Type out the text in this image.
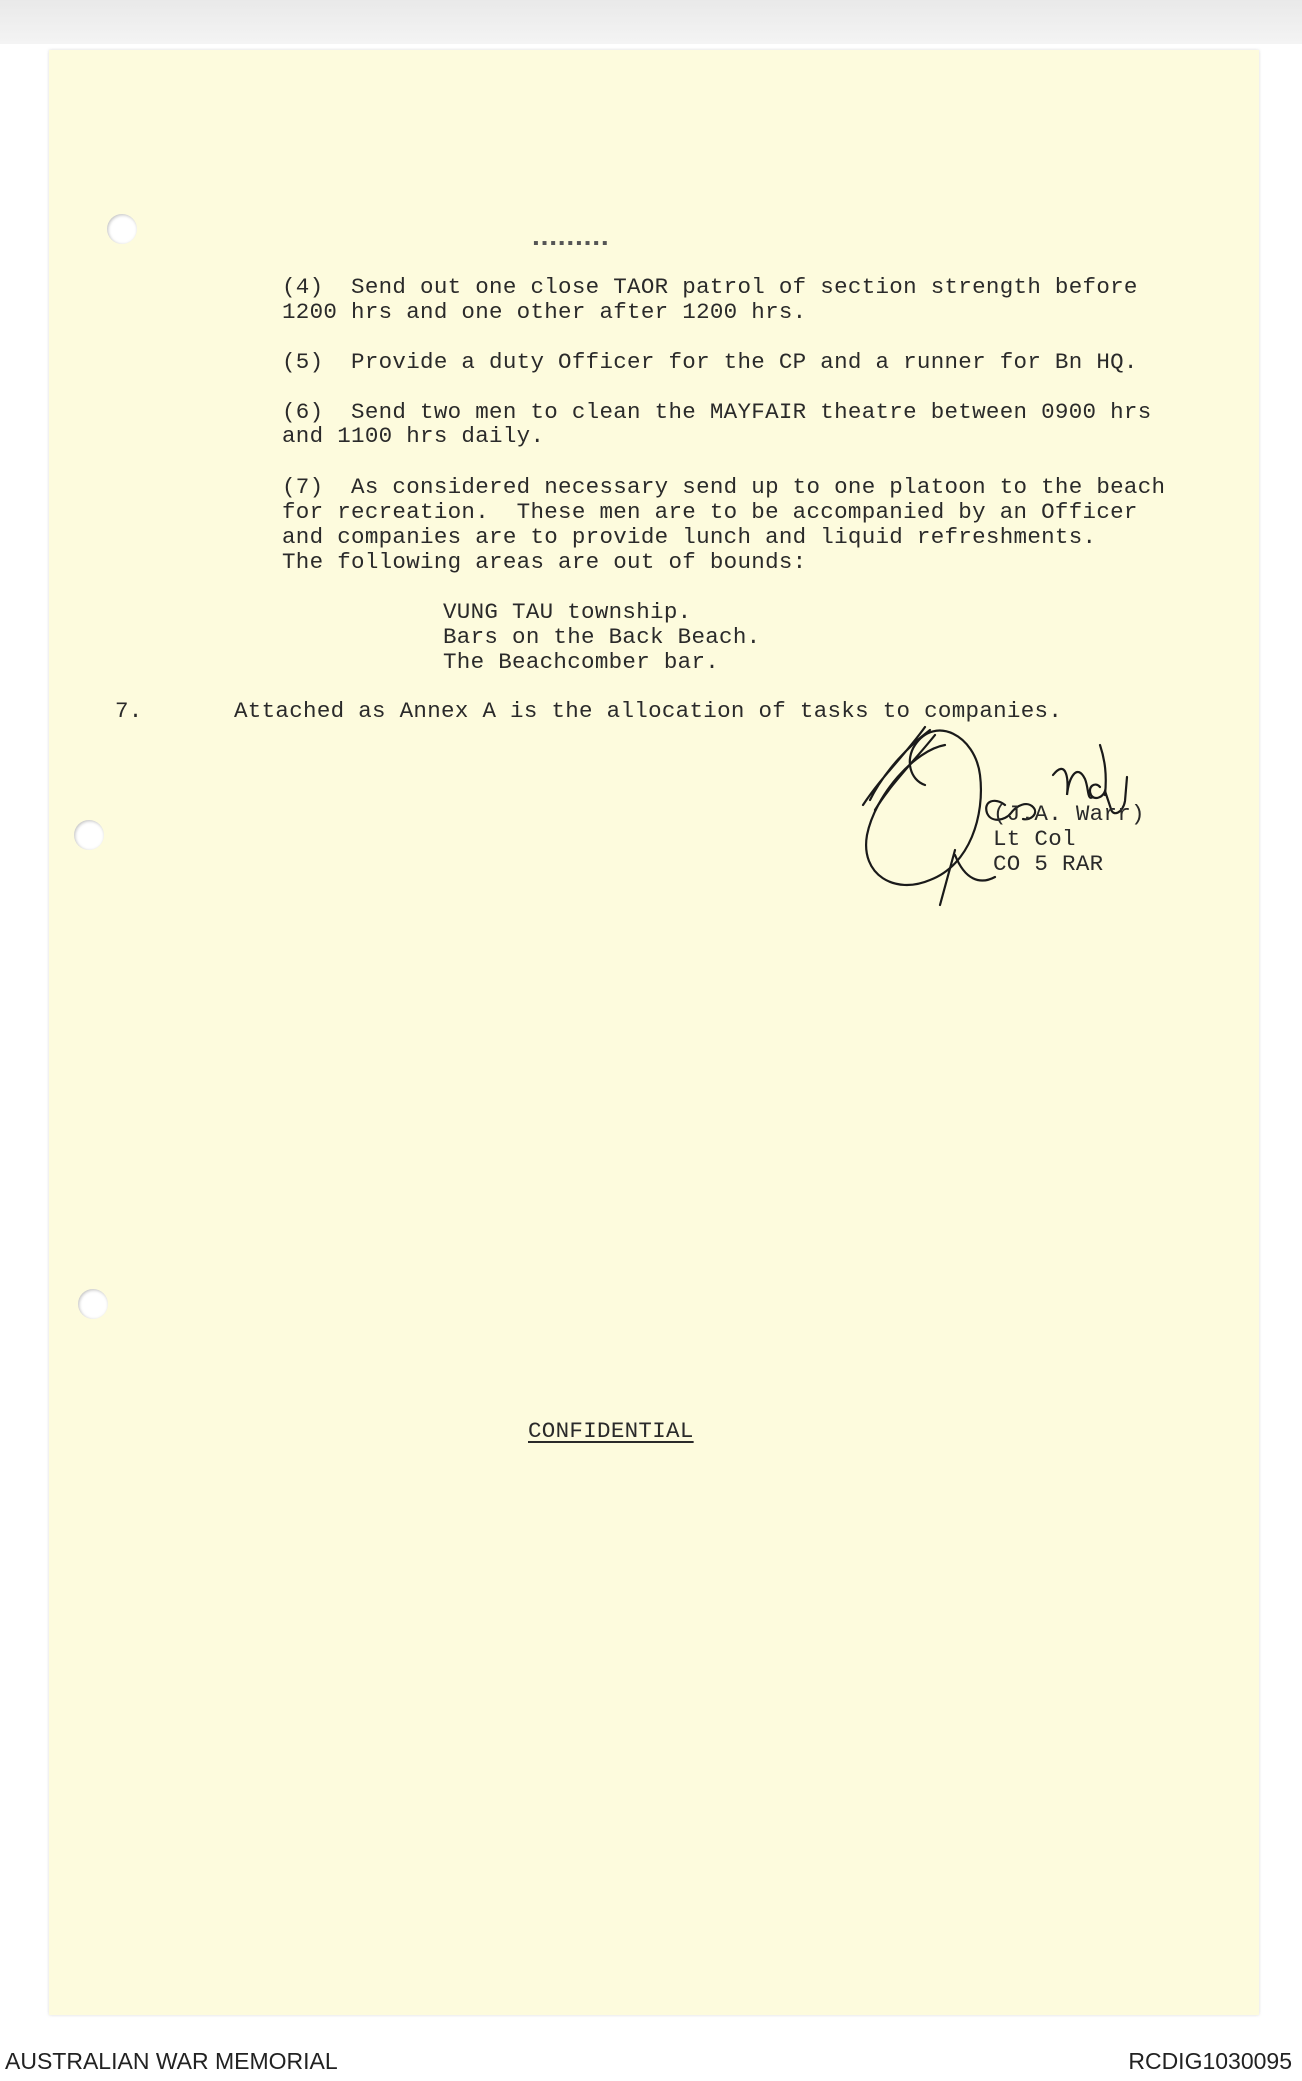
▪▪▪▪▪▪▪▪▪
(4)  Send out one close TAOR patrol of section strength before
1200 hrs and one other after 1200 hrs.
(5)  Provide a duty Officer for the CP and a runner for Bn HQ.
(6)  Send two men to clean the MAYFAIR theatre between 0900 hrs
and 1100 hrs daily.
(7)  As considered necessary send up to one platoon to the beach
for recreation.  These men are to be accompanied by an Officer
and companies are to provide lunch and liquid refreshments.
The following areas are out of bounds:
VUNG TAU township.
Bars on the Back Beach.
The Beachcomber bar.
7.	Attached as Annex A is the allocation of tasks to companies.
(J.A. Warr)
Lt Col
CO 5 RAR
CONFIDENTIAL
AUSTRALIAN WAR MEMORIAL	RCDIG1030095
